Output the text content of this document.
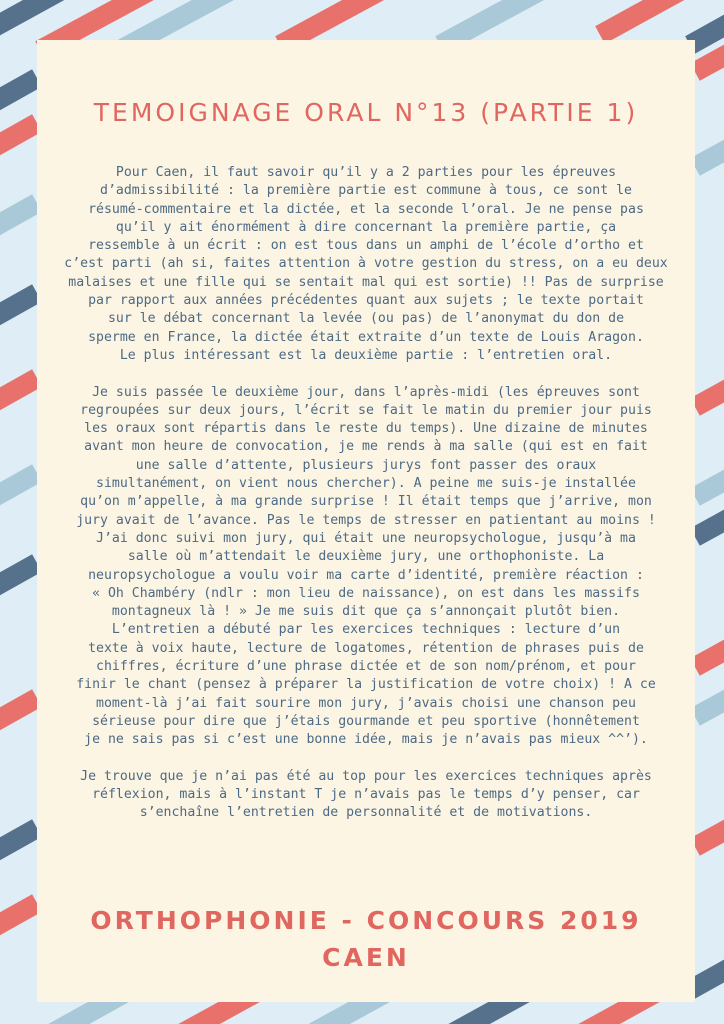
TEMOIGNAGE ORAL N°13 (PARTIE 1)
Pour Caen, il faut savoir qu’il y a 2 parties pour les épreuves
d’admissibilité : la première partie est commune à tous, ce sont le
résumé-commentaire et la dictée, et la seconde l’oral. Je ne pense pas
qu’il y ait énormément à dire concernant la première partie, ça
ressemble à un écrit : on est tous dans un amphi de l’école d’ortho et
c’est parti (ah si, faites attention à votre gestion du stress, on a eu deux
malaises et une fille qui se sentait mal qui est sortie) !! Pas de surprise
par rapport aux années précédentes quant aux sujets ; le texte portait
sur le débat concernant la levée (ou pas) de l’anonymat du don de
sperme en France, la dictée était extraite d’un texte de Louis Aragon.
Le plus intéressant est la deuxième partie : l’entretien oral.
Je suis passée le deuxième jour, dans l’après-midi (les épreuves sont
regroupées sur deux jours, l’écrit se fait le matin du premier jour puis
les oraux sont répartis dans le reste du temps). Une dizaine de minutes
avant mon heure de convocation, je me rends à ma salle (qui est en fait
une salle d’attente, plusieurs jurys font passer des oraux
simultanément, on vient nous chercher). A peine me suis-je installée
qu’on m’appelle, à ma grande surprise ! Il était temps que j’arrive, mon
jury avait de l’avance. Pas le temps de stresser en patientant au moins !
J’ai donc suivi mon jury, qui était une neuropsychologue, jusqu’à ma
salle où m’attendait le deuxième jury, une orthophoniste. La
neuropsychologue a voulu voir ma carte d’identité, première réaction :
« Oh Chambéry (ndlr : mon lieu de naissance), on est dans les massifs
montagneux là ! » Je me suis dit que ça s’annonçait plutôt bien.
L’entretien a débuté par les exercices techniques : lecture d’un
texte à voix haute, lecture de logatomes, rétention de phrases puis de
chiffres, écriture d’une phrase dictée et de son nom/prénom, et pour
finir le chant (pensez à préparer la justification de votre choix) ! A ce
moment-là j’ai fait sourire mon jury, j’avais choisi une chanson peu
sérieuse pour dire que j’étais gourmande et peu sportive (honnêtement
je ne sais pas si c’est une bonne idée, mais je n’avais pas mieux ^^’).
Je trouve que je n’ai pas été au top pour les exercices techniques après
réflexion, mais à l’instant T je n’avais pas le temps d’y penser, car
s’enchaîne l’entretien de personnalité et de motivations.
ORTHOPHONIE - CONCOURS 2019
CAEN
